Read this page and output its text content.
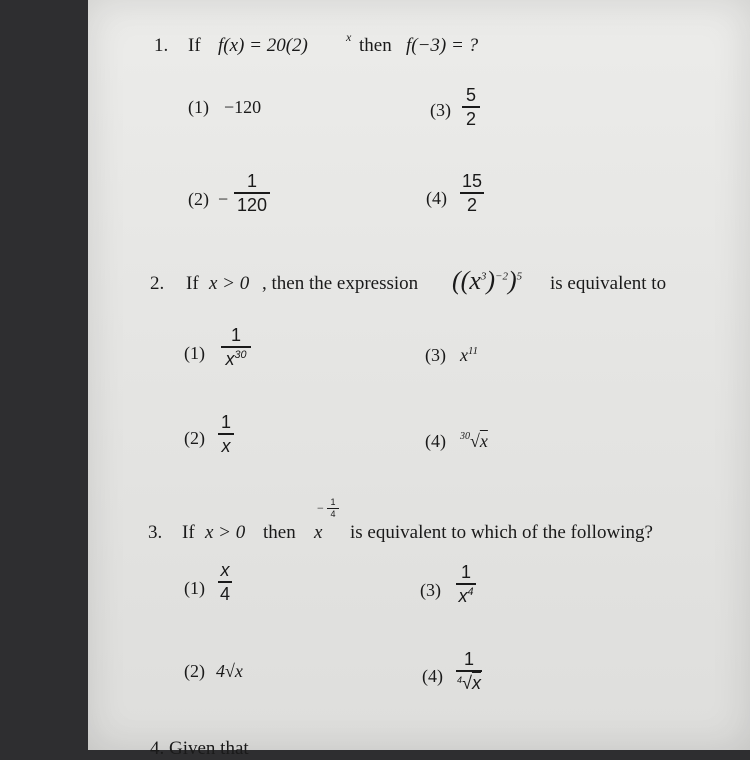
1. If f(x) = 20(2)	x then f(−3) = ?
(1) −120	(3)
5
2
(2) −
1
120	(4)
15
2
2. If x > 0 , then the expression $((x^3)^{-2})^5$ is equivalent to
(1)
1
$x^{30}$	(3) $x^{11}$
(2)
1
x	(4) $^{30}$√x
3. If x > 0 then x
1
4
−
is equivalent to which of the following?
(1)
x
4	(3)
1
$x^4$
(2) 4√x	(4)
1
$^4$√x
4. Given that
